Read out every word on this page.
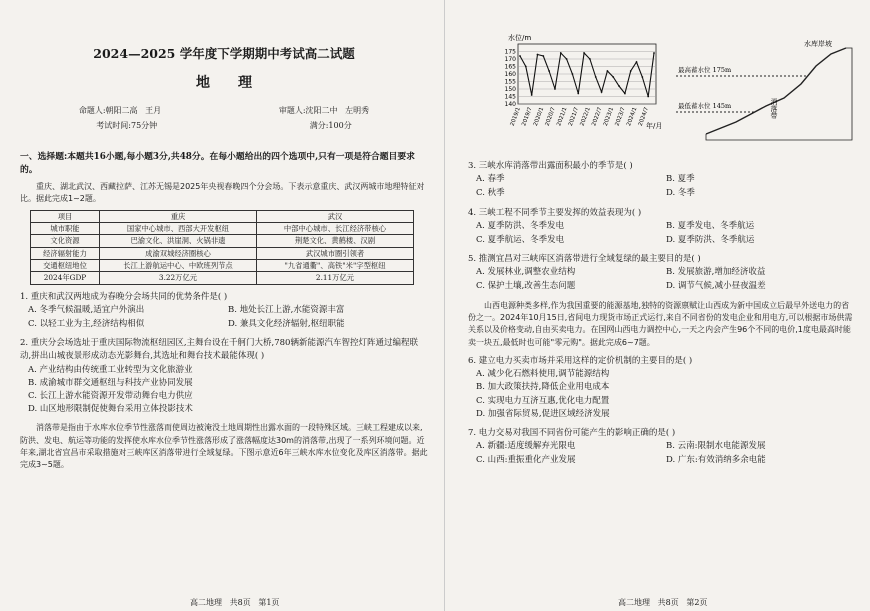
2024—2025 学年度下学期期中考试高二试题

地理

命题人:朝阳二高   王月	审题人:沈阳二中   左明秀
考试时间:75分钟	满分:100分
一、选择题:本题共16小题,每小题3分,共48分。在每小题给出的四个选项中,只有一项是符合题目要求的。
重庆、湖北武汉、西藏拉萨、江苏无锡是2025年央视春晚四个分会场。下表示意重庆、武汉两城市地理特征对比。据此完成1~2题。
项目	重庆	武汉
城市职能	国家中心城市、西部大开发枢纽	中部中心城市、长江经济带核心
文化资源	巴渝文化、洪崖洞、火锅非遗	荆楚文化、黄鹤楼、汉剧
经济辐射能力	成渝双城经济圈核心	武汉城市圈引领者
交通枢纽地位	长江上游航运中心、中欧班列节点	"九省通衢"、高铁"米"字型枢纽
2024年GDP	3.22万亿元	2.11万亿元
1. 重庆和武汉两地成为春晚分会场共同的优势条件是( )
A. 冬季气候温暖,适宜户外演出	B. 地处长江上游,水能资源丰富
C. 以轻工业为主,经济结构相似	D. 兼具文化经济辐射,枢纽职能
2. 重庆分会场选址于重庆国际物流枢纽园区,主舞台设在千舸门大桥,780辆新能源汽车智控灯阵通过编程联动,拼出山城夜景形成动态光影舞台,其选址和舞台技术最能体现( )
A. 产业结构由传统重工业转型为文化旅游业
B. 成渝城市群交通枢纽与科技产业协同发展
C. 长江上游水能资源开发带动舞台电力供应
D. 山区地形限制促使舞台采用立体投影技术
消落带是指由于水库水位季节性涨落而使周边被淹没土地周期性出露水面的一段特殊区域。三峡工程建成以来,防洪、发电、航运等功能的发挥使水库水位季节性涨落形成了涨落幅度达30m的消落带,出现了一系列环境问题。近年来,湖北省宜昌市采取措施对三峡库区消落带进行全域复绿。下图示意近6年三峡水库水位变化及库区消落带。据此完成3~5题。
高二地理   共8页   第1页
水位/m
年/月
175
170
165
160
155
150
145
140
2019/1 2019/7 2020/1 2020/7 2021/1 2021/7 2022/1 2022/7 2023/1 2023/7 2024/1 2024/7
水库岸坡
最高蓄水位 175m
最低蓄水位 145m	消落带
3. 三峡水库消落带出露面积最小的季节是( )
A. 春季	B. 夏季
C. 秋季	D. 冬季
4. 三峡工程不同季节主要发挥的效益表现为( )
A. 夏季防洪、冬季发电	B. 夏季发电、冬季航运
C. 夏季航运、冬季发电	D. 夏季防洪、冬季航运
5. 推测宜昌对三峡库区消落带进行全域复绿的最主要目的是( )
A. 发展林业,调整农业结构	B. 发展旅游,增加经济收益
C. 保护土壤,改善生态问题	D. 调节气候,减小昼夜温差
山西电源种类多样,作为我国重要的能源基地,独特的资源禀赋让山西成为新中国成立后最早外送电力的省份之一。2024年10月15日,省间电力现货市场正式运行,来自不同省份的发电企业和用电方,可以根据市场供需关系以及价格变动,自由买卖电力。在国网山西电力调控中心,一天之内会产生96个不同的电价,1度电最高时能卖一块五,最低时也可能"零元购"。据此完成6~7题。
6. 建立电力买卖市场并采用这样的定价机制的主要目的是( )
A. 减少化石燃料使用,调节能源结构
B. 加大政策扶持,降低企业用电成本
C. 实现电力互济互惠,优化电力配置
D. 加强省际贸易,促进区域经济发展
7. 电力交易对我国不同省份可能产生的影响正确的是( )
A. 新疆:适度缓解弃光限电	B. 云南:限制水电能源发展
C. 山西:重振重化产业发展	D. 广东:有效消纳多余电能
高二地理   共8页   第2页
